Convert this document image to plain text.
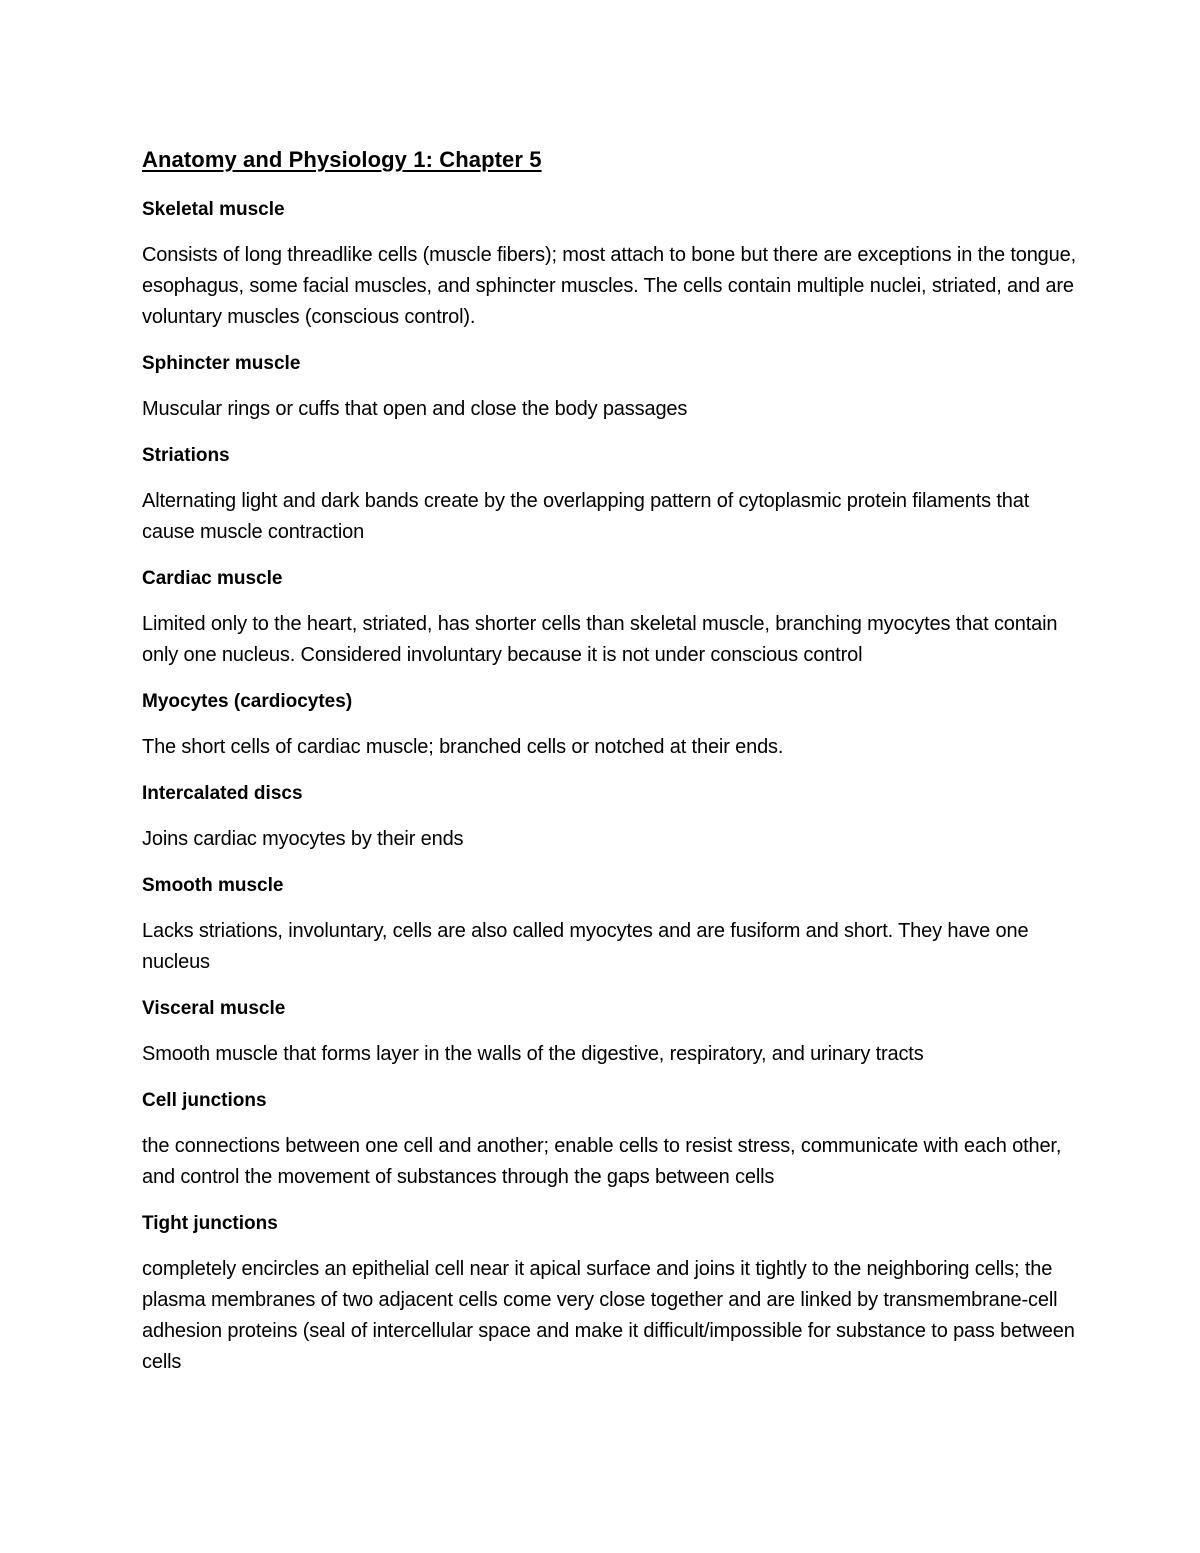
Anatomy and Physiology 1: Chapter 5
Skeletal muscle
Consists of long threadlike cells (muscle fibers); most attach to bone but there are exceptions in the tongue, esophagus, some facial muscles, and sphincter muscles. The cells contain multiple nuclei, striated, and are voluntary muscles (conscious control).
Sphincter muscle
Muscular rings or cuffs that open and close the body passages
Striations
Alternating light and dark bands create by the overlapping pattern of cytoplasmic protein filaments that cause muscle contraction
Cardiac muscle
Limited only to the heart, striated, has shorter cells than skeletal muscle, branching myocytes that contain only one nucleus. Considered involuntary because it is not under conscious control
Myocytes (cardiocytes)
The short cells of cardiac muscle; branched cells or notched at their ends.
Intercalated discs
Joins cardiac myocytes by their ends
Smooth muscle
Lacks striations, involuntary, cells are also called myocytes and are fusiform and short. They have one nucleus
Visceral muscle
Smooth muscle that forms layer in the walls of the digestive, respiratory, and urinary tracts
Cell junctions
the connections between one cell and another; enable cells to resist stress, communicate with each other, and control the movement of substances through the gaps between cells
Tight junctions
completely encircles an epithelial cell near it apical surface and joins it tightly to the neighboring cells; the plasma membranes of two adjacent cells come very close together and are linked by transmembrane-cell adhesion proteins (seal of intercellular space and make it difficult/impossible for substance to pass between cells
